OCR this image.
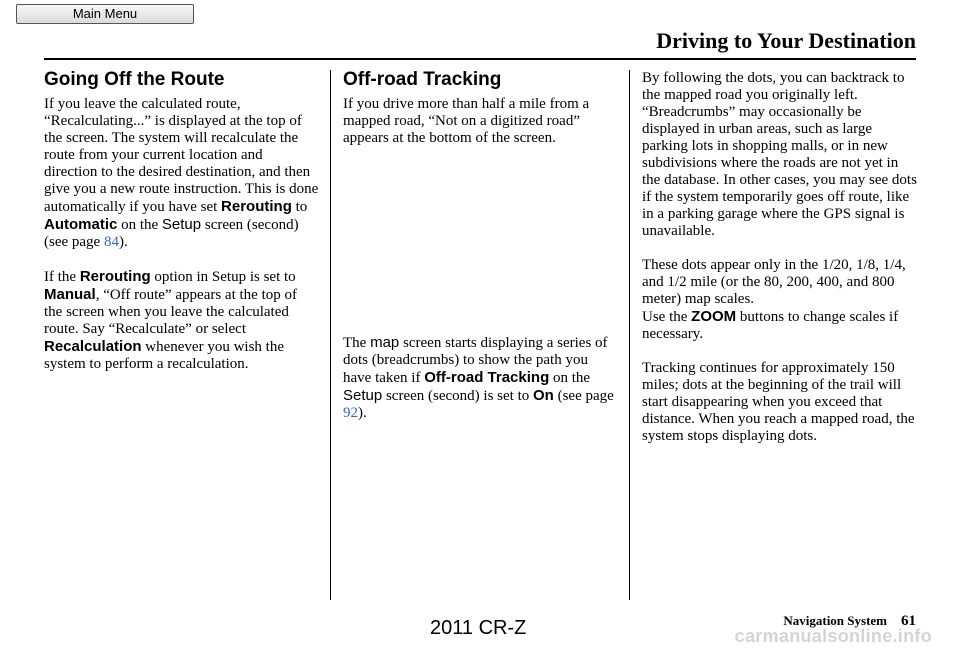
Main Menu
Driving to Your Destination
Going Off the Route

If you leave the calculated route, “Recalculating...” is displayed at the top of the screen. The system will recalculate the route from your current location and direction to the desired destination, and then give you a new route instruction. This is done automatically if you have set Rerouting to Automatic on the Setup screen (second) (see page 84).

If the Rerouting option in Setup is set to Manual, “Off route” appears at the top of the screen when you leave the calculated route. Say “Recalculate” or select Recalculation whenever you wish the system to perform a recalculation.

Off-road Tracking

If you drive more than half a mile from a mapped road, “Not on a digitized road” appears at the bottom of the screen.

The map screen starts displaying a series of dots (breadcrumbs) to show the path you have taken if Off-road Tracking on the Setup screen (second) is set to On (see page 92).

By following the dots, you can backtrack to the mapped road you originally left. “Breadcrumbs” may occasionally be displayed in urban areas, such as large parking lots in shopping malls, or in new subdivisions where the roads are not yet in the database. In other cases, you may see dots if the system temporarily goes off route, like in a parking garage where the GPS signal is unavailable.

These dots appear only in the 1/20, 1/8, 1/4, and 1/2 mile (or the 80, 200, 400, and 800 meter) map scales.
Use the ZOOM buttons to change scales if necessary.

Tracking continues for approximately 150 miles; dots at the beginning of the trail will start disappearing when you exceed that distance. When you reach a mapped road, the system stops displaying dots.

Navigation System 61
2011 CR-Z	carmanualsonline.info
